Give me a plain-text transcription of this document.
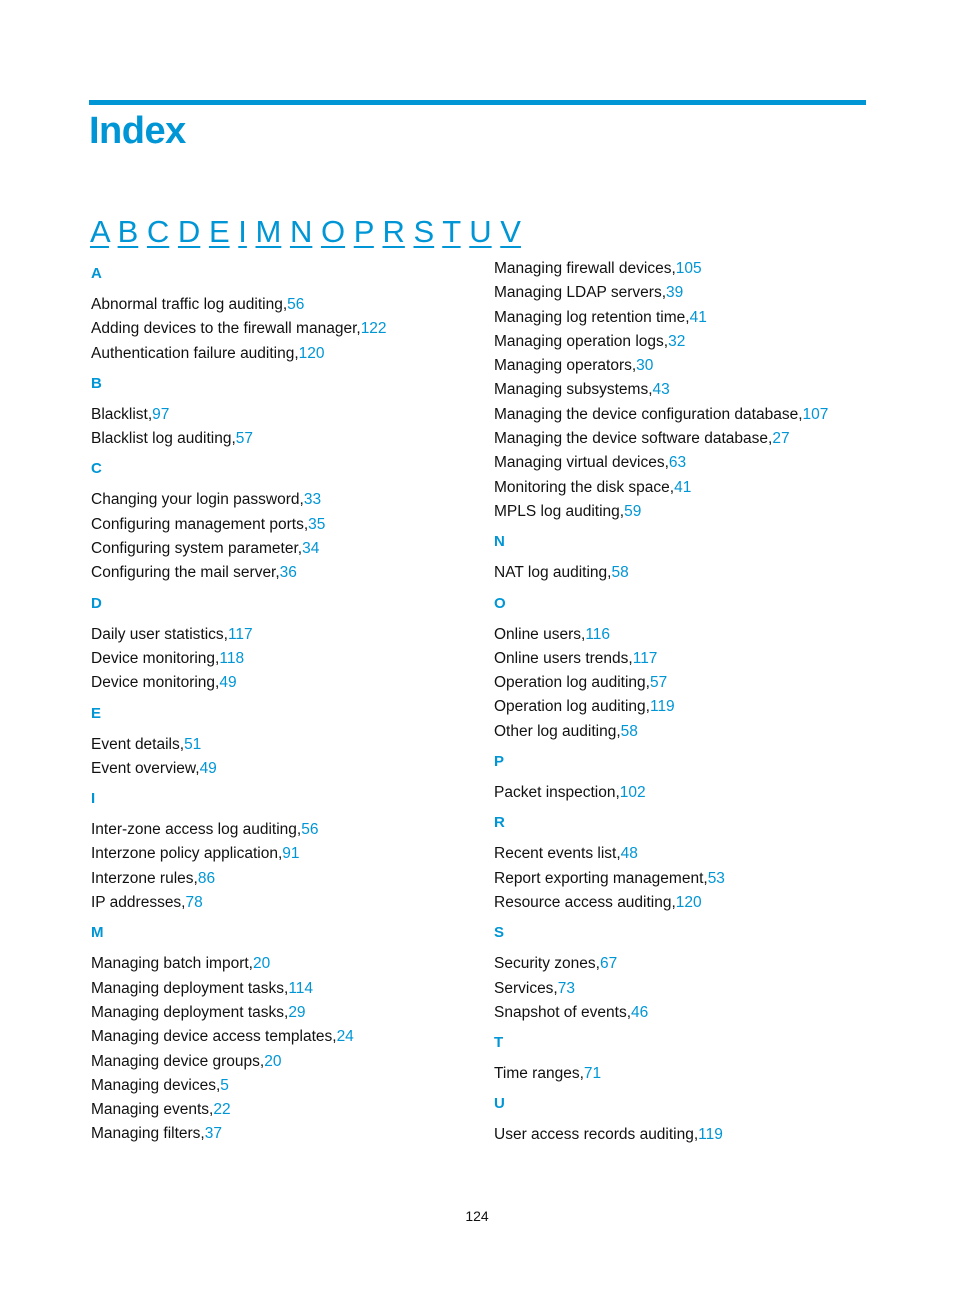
Index
A B C D E I M N O P R S T U V
A
Abnormal traffic log auditing,56
Adding devices to the firewall manager,122
Authentication failure auditing,120
B
Blacklist,97
Blacklist log auditing,57
C
Changing your login password,33
Configuring management ports,35
Configuring system parameter,34
Configuring the mail server,36
D
Daily user statistics,117
Device monitoring,118
Device monitoring,49
E
Event details,51
Event overview,49
I
Inter-zone access log auditing,56
Interzone policy application,91
Interzone rules,86
IP addresses,78
M
Managing batch import,20
Managing deployment tasks,114
Managing deployment tasks,29
Managing device access templates,24
Managing device groups,20
Managing devices,5
Managing events,22
Managing filters,37
Managing firewall devices,105
Managing LDAP servers,39
Managing log retention time,41
Managing operation logs,32
Managing operators,30
Managing subsystems,43
Managing the device configuration database,107
Managing the device software database,27
Managing virtual devices,63
Monitoring the disk space,41
MPLS log auditing,59
N
NAT log auditing,58
O
Online users,116
Online users trends,117
Operation log auditing,57
Operation log auditing,119
Other log auditing,58
P
Packet inspection,102
R
Recent events list,48
Report exporting management,53
Resource access auditing,120
S
Security zones,67
Services,73
Snapshot of events,46
T
Time ranges,71
U
User access records auditing,119
124
